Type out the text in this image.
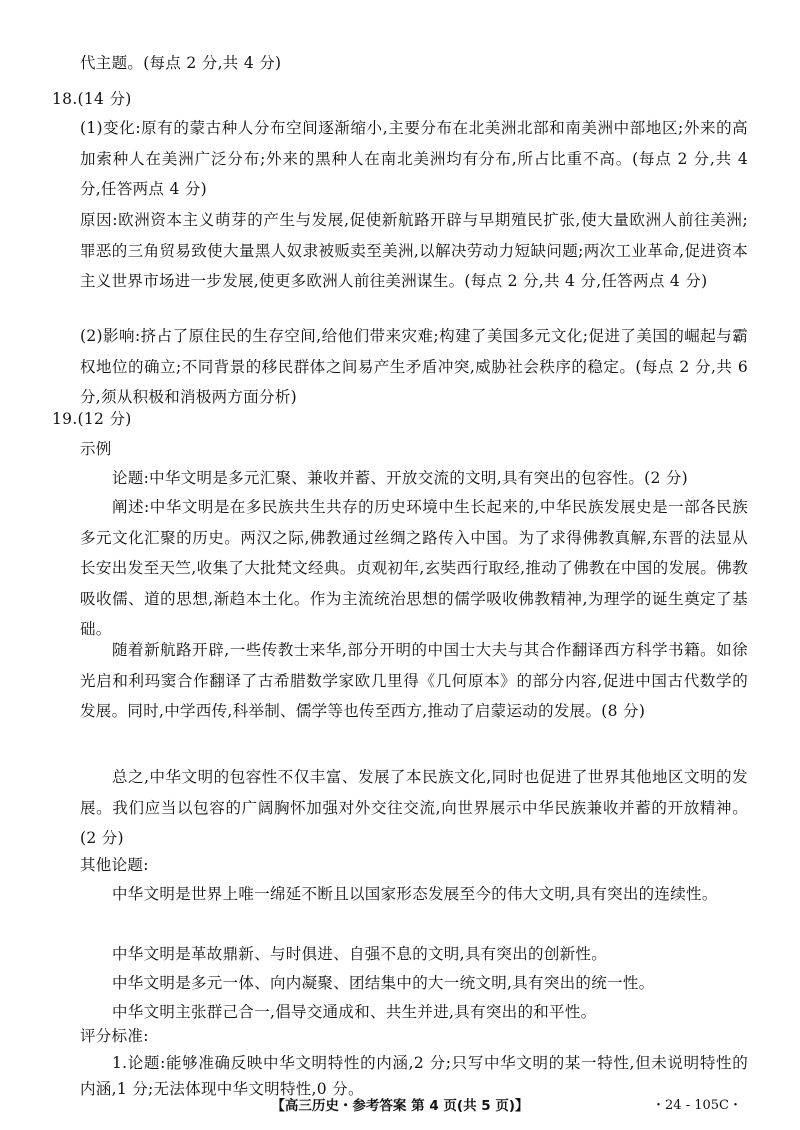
代主题。(每点 2 分,共 4 分)

18.(14 分)

(1)变化:原有的蒙古种人分布空间逐渐缩小,主要分布在北美洲北部和南美洲中部地区;外来的高加索种人在美洲广泛分布;外来的黑种人在南北美洲均有分布,所占比重不高。(每点 2 分,共 4 分,任答两点 4 分)

原因:欧洲资本主义萌芽的产生与发展,促使新航路开辟与早期殖民扩张,使大量欧洲人前往美洲;罪恶的三角贸易致使大量黑人奴隶被贩卖至美洲,以解决劳动力短缺问题;两次工业革命,促进资本主义世界市场进一步发展,使更多欧洲人前往美洲谋生。(每点 2 分,共 4 分,任答两点 4 分)

(2)影响:挤占了原住民的生存空间,给他们带来灾难;构建了美国多元文化;促进了美国的崛起与霸权地位的确立;不同背景的移民群体之间易产生矛盾冲突,威胁社会秩序的稳定。(每点 2 分,共 6 分,须从积极和消极两方面分析)

19.(12 分)

示例

论题:中华文明是多元汇聚、兼收并蓄、开放交流的文明,具有突出的包容性。(2 分)

阐述:中华文明是在多民族共生共存的历史环境中生长起来的,中华民族发展史是一部各民族多元文化汇聚的历史。两汉之际,佛教通过丝绸之路传入中国。为了求得佛教真解,东晋的法显从长安出发至天竺,收集了大批梵文经典。贞观初年,玄奘西行取经,推动了佛教在中国的发展。佛教吸收儒、道的思想,渐趋本土化。作为主流统治思想的儒学吸收佛教精神,为理学的诞生奠定了基础。

随着新航路开辟,一些传教士来华,部分开明的中国士大夫与其合作翻译西方科学书籍。如徐光启和利玛窦合作翻译了古希腊数学家欧几里得《几何原本》的部分内容,促进中国古代数学的发展。同时,中学西传,科举制、儒学等也传至西方,推动了启蒙运动的发展。(8 分)

总之,中华文明的包容性不仅丰富、发展了本民族文化,同时也促进了世界其他地区文明的发展。我们应当以包容的广阔胸怀加强对外交往交流,向世界展示中华民族兼收并蓄的开放精神。(2 分)

其他论题:

中华文明是世界上唯一绵延不断且以国家形态发展至今的伟大文明,具有突出的连续性。

中华文明是革故鼎新、与时俱进、自强不息的文明,具有突出的创新性。

中华文明是多元一体、向内凝聚、团结集中的大一统文明,具有突出的统一性。

中华文明主张群己合一,倡导交通成和、共生并进,具有突出的和平性。

评分标准:

1.论题:能够准确反映中华文明特性的内涵,2 分;只写中华文明的某一特性,但未说明特性的内涵,1 分;无法体现中华文明特性,0 分。

【高三历史・参考答案 第 4 页(共 5 页)】	・24 - 105C・
